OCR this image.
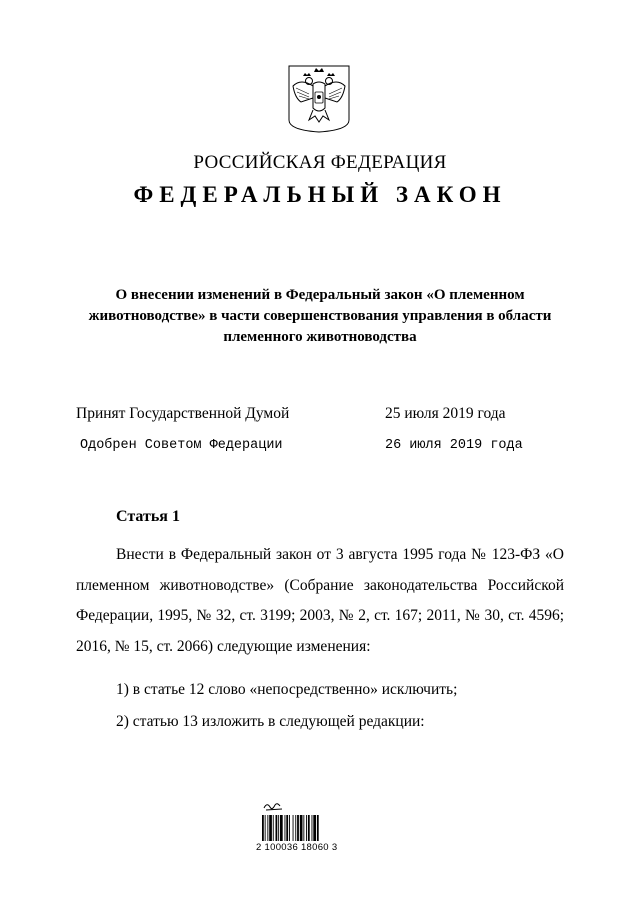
РОССИЙСКАЯ ФЕДЕРАЦИЯ
ФЕДЕРАЛЬНЫЙ ЗАКОН
О внесении изменений в Федеральный закон «О племенном животноводстве» в части совершенствования управления в области племенного животноводства
Принят Государственной Думой	25 июля 2019 года
Одобрен Советом Федерации	26 июля 2019 года
Статья 1
Внести в Федеральный закон от 3 августа 1995 года № 123-ФЗ «О племенном животноводстве» (Собрание законодательства Российской Федерации, 1995, № 32, ст. 3199; 2003, № 2, ст. 167; 2011, № 30, ст. 4596; 2016, № 15, ст. 2066) следующие изменения:
1) в статье 12 слово «непосредственно» исключить;
2) статью 13 изложить в следующей редакции:
2 100036 18060 3
